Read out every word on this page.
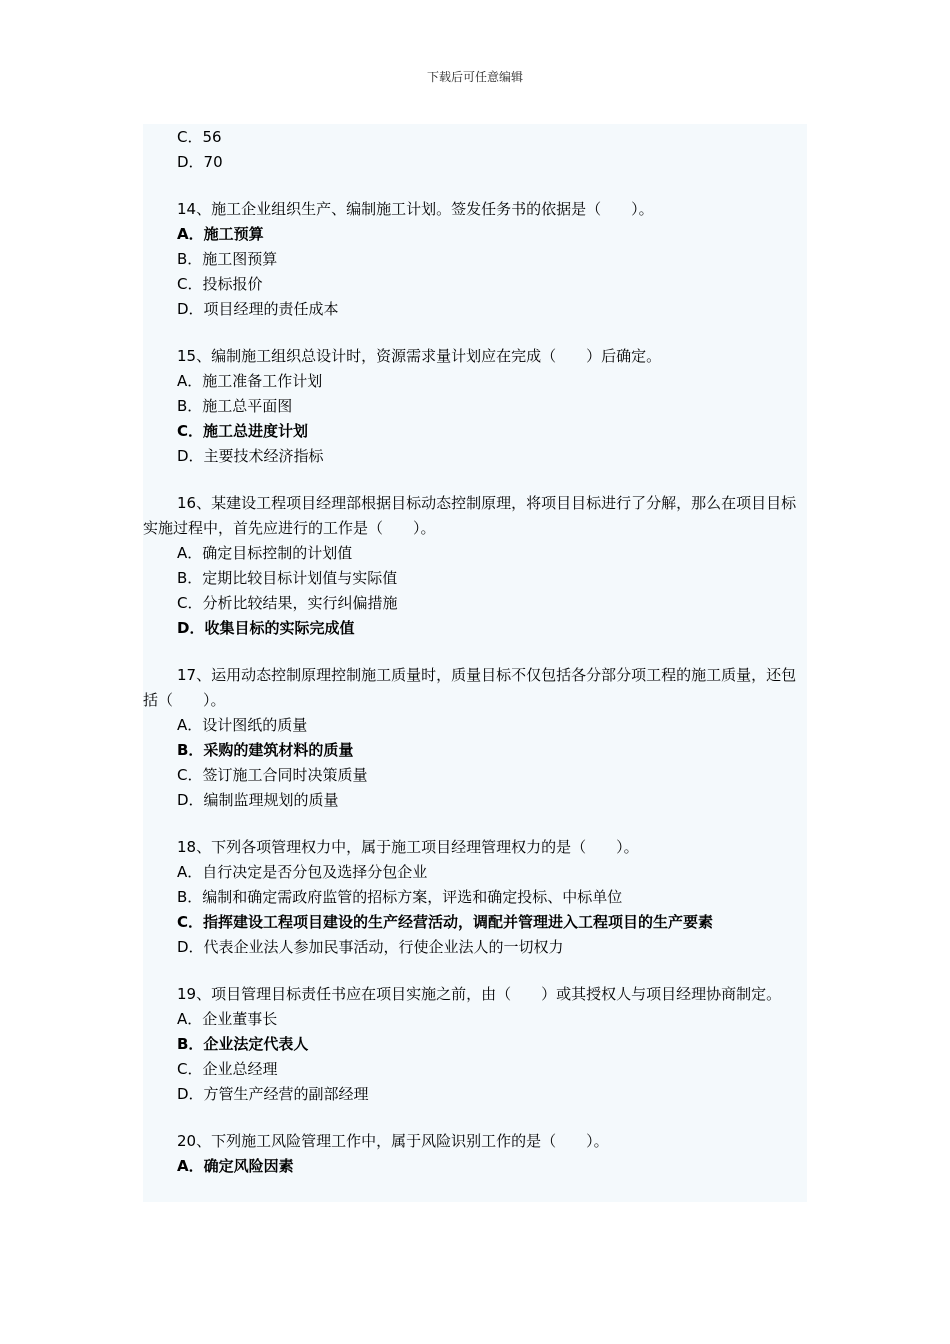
下载后可任意编辑
C．56
D．70
14、施工企业组织生产、编制施工计划。签发任务书的依据是（　　）。
A．施工预算
B．施工图预算
C．投标报价
D．项目经理的责任成本
15、编制施工组织总设计时，资源需求量计划应在完成（　　）后确定。
A．施工准备工作计划
B．施工总平面图
C．施工总进度计划
D．主要技术经济指标
16、某建设工程项目经理部根据目标动态控制原理，将项目目标进行了分解，那么在项目目标实施过程中，首先应进行的工作是（　　）。
A．确定目标控制的计划值
B．定期比较目标计划值与实际值
C．分析比较结果，实行纠偏措施
D．收集目标的实际完成值
17、运用动态控制原理控制施工质量时，质量目标不仅包括各分部分项工程的施工质量，还包括（　　）。
A．设计图纸的质量
B．采购的建筑材料的质量
C．签订施工合同时决策质量
D．编制监理规划的质量
18、下列各项管理权力中，属于施工项目经理管理权力的是（　　）。
A．自行决定是否分包及选择分包企业
B．编制和确定需政府监管的招标方案，评选和确定投标、中标单位
C．指挥建设工程项目建设的生产经营活动，调配并管理进入工程项目的生产要素
D．代表企业法人参加民事活动，行使企业法人的一切权力
19、项目管理目标责任书应在项目实施之前，由（　　）或其授权人与项目经理协商制定。
A．企业董事长
B．企业法定代表人
C．企业总经理
D．方管生产经营的副部经理
20、下列施工风险管理工作中，属于风险识别工作的是（　　）。
A．确定风险因素
